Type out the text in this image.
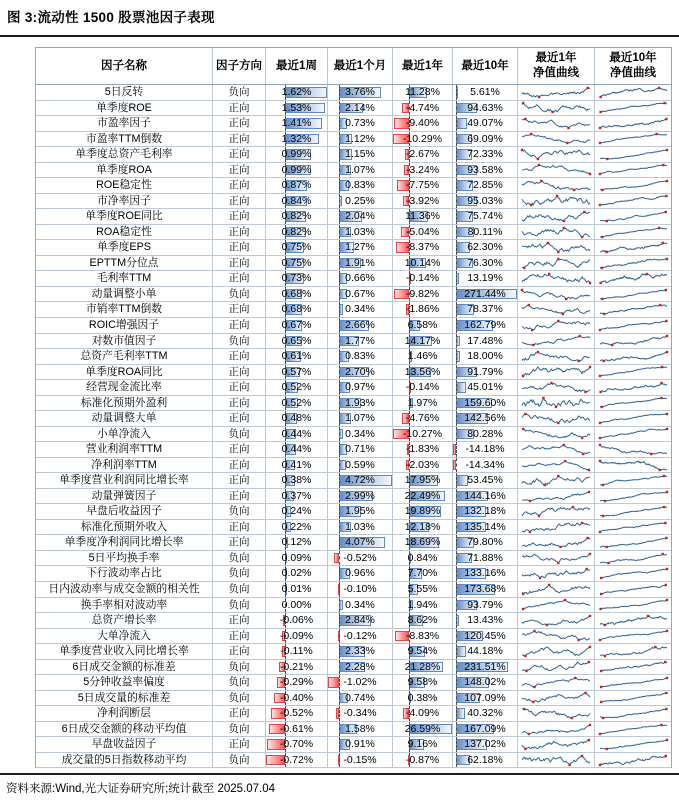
图 3:流动性 1500 股票池因子表现
因子名称	因子方向 最近1周 最近1个月 最近1年 最近10年
最近1年
净值曲线
最近10年
净值曲线
5日反转	负向	1.62%	3.76%	11.28%	5.61%
单季度ROE	正向	1.53%	2.14%	-4.74%	94.63%
市盈率因子	正向	1.41%	0.73%	-9.40%	49.07%
市盈率TTM倒数	正向	1.32%	1.12%	-10.29%	69.09%
单季度总资产毛利率	正向	0.99%	1.15%	-2.67%	72.33%
单季度ROA	正向	0.99%	1.07%	-3.24%	93.58%
ROE稳定性	正向	0.87%	0.83%	-7.75%	72.85%
市净率因子	正向	0.84%	0.25%	-3.92%	95.03%
单季度ROE同比	正向	0.82%	2.04%	11.36%	75.74%
ROA稳定性	正向	0.82%	1.03%	-5.04%	80.11%
单季度EPS	正向	0.75%	1.27%	-8.37%	62.30%
EPTTM分位点	正向	0.75%	1.91%	10.14%	76.30%
毛利率TTM	正向	0.73%	0.66%	-0.14%	13.19%
动量调整小单	负向	0.68%	0.67%	-9.82%	271.44%
市销率TTM倒数	正向	0.68%	0.34%	-1.86%	78.37%
ROIC增强因子	正向	0.67%	2.66%	6.58%	162.79%
对数市值因子	负向	0.65%	1.77%	14.17%	17.48%
总资产毛利率TTM	正向	0.61%	0.83%	1.46%	18.00%
单季度ROA同比	正向	0.57%	2.70%	13.56%	91.79%
经营现金流比率	正向	0.52%	0.97%	-0.14%	45.01%
标准化预期外盈利	正向	0.52%	1.93%	1.97%	159.60%
动量调整大单	正向	0.48%	1.07%	-4.76%	142.56%
小单净流入	负向	0.44%	0.34%	-10.27%	80.28%
营业利润率TTM	正向	0.44%	0.71%	-1.83%	-14.18%
净利润率TTM	正向	0.41%	0.59%	-2.03%	-14.34%
单季度营业利润同比增长率	正向	0.38%	4.72%	17.95%	53.45%
动量弹簧因子	正向	0.37%	2.99%	22.49%	144.16%
早盘后收益因子	负向	0.24%	1.95%	19.89%	132.18%
标准化预期外收入	正向	0.22%	1.03%	12.18%	135.14%
单季度净利润同比增长率	正向	0.12%	4.07%	18.69%	79.80%
5日平均换手率	负向	0.09%	-0.52%	0.84%	71.88%
下行波动率占比	负向	0.02%	0.96%	7.70%	133.16%
日内波动率与成交金额的相关性	负向	0.01%	-0.10%	5.55%	173.68%
换手率相对波动率	负向	0.00%	0.34%	1.94%	93.79%
总资产增长率	正向	-0.06%	2.84%	8.62%	13.43%
大单净流入	正向	-0.09%	-0.12%	-8.83%	120.45%
单季度营业收入同比增长率	正向	-0.11%	2.33%	9.54%	44.18%
6日成交金额的标准差	负向	-0.21%	2.28%	21.28%	231.51%
5分钟收益率偏度	负向	-0.29%	-1.02%	9.58%	148.02%
5日成交量的标准差	负向	-0.40%	0.74%	0.38%	107.09%
净利润断层	正向	-0.52%	-0.34%	-4.09%	40.32%
6日成交金额的移动平均值	负向	-0.61%	1.58%	26.59%	167.09%
早盘收益因子	正向	-0.70%	0.91%	9.16%	137.02%
成交量的5日指数移动平均	负向	-0.72%	-0.15%	-0.87%	62.18%
资料来源:Wind,光大证券研究所;统计截至 2025.07.04
